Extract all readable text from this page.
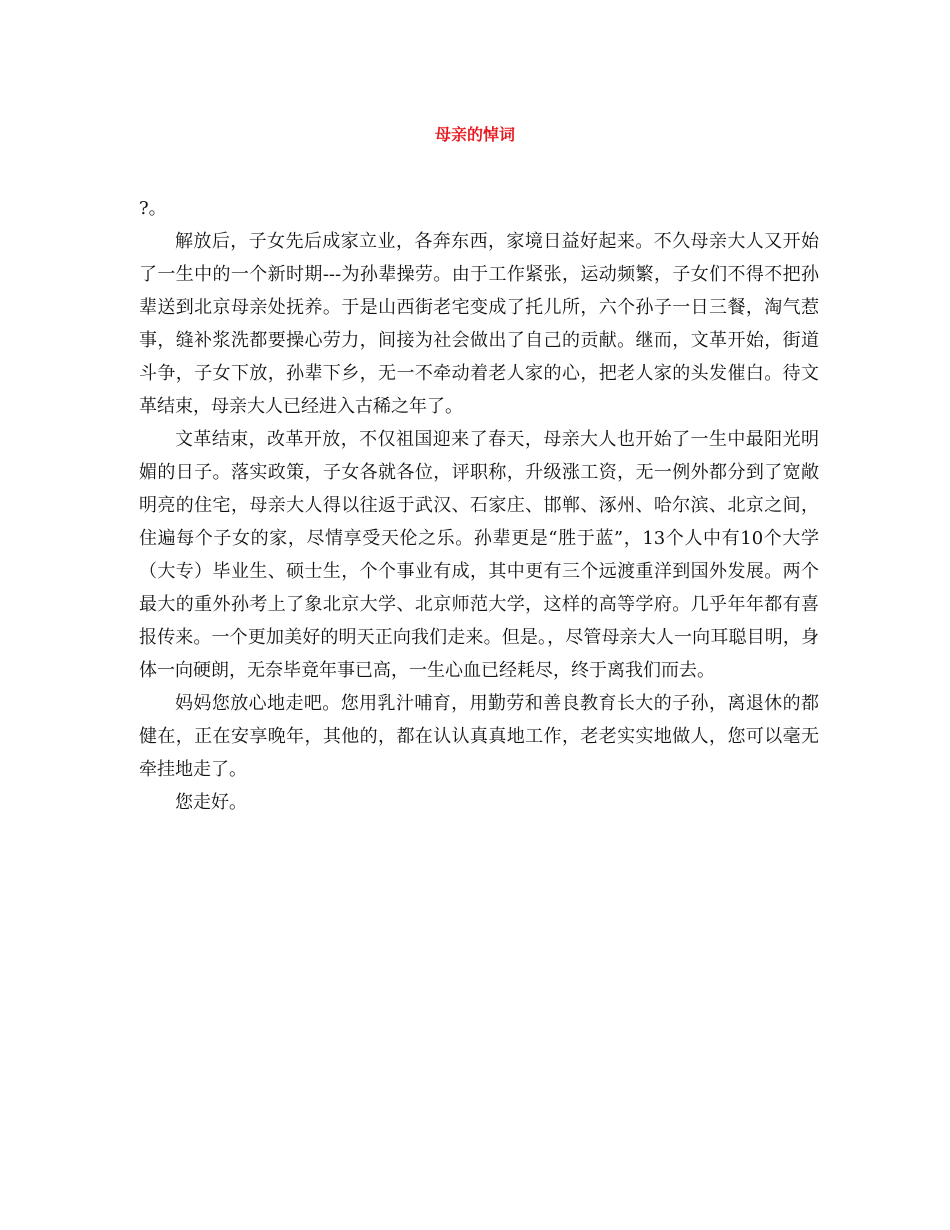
母亲的悼词

?。

解放后，子女先后成家立业，各奔东西，家境日益好起来。不久母亲大人又开始了一生中的一个新时期---为孙辈操劳。由于工作紧张，运动频繁，子女们不得不把孙辈送到北京母亲处抚养。于是山西街老宅变成了托儿所，六个孙子一日三餐，淘气惹事，缝补浆洗都要操心劳力，间接为社会做出了自己的贡献。继而，文革开始，街道斗争，子女下放，孙辈下乡，无一不牵动着老人家的心，把老人家的头发催白。待文革结束，母亲大人已经进入古稀之年了。

文革结束，改革开放，不仅祖国迎来了春天，母亲大人也开始了一生中最阳光明媚的日子。落实政策，子女各就各位，评职称，升级涨工资，无一例外都分到了宽敞明亮的住宅，母亲大人得以往返于武汉、石家庄、邯郸、涿州、哈尔滨、北京之间，住遍每个子女的家，尽情享受天伦之乐。孙辈更是“胜于蓝”，13个人中有10个大学（大专）毕业生、硕士生，个个事业有成，其中更有三个远渡重洋到国外发展。两个最大的重外孙考上了象北京大学、北京师范大学，这样的高等学府。几乎年年都有喜报传来。一个更加美好的明天正向我们走来。但是。，尽管母亲大人一向耳聪目明，身体一向硬朗，无奈毕竟年事已高，一生心血已经耗尽，终于离我们而去。

妈妈您放心地走吧。您用乳汁哺育，用勤劳和善良教育长大的子孙，离退休的都健在，正在安享晚年，其他的，都在认认真真地工作，老老实实地做人，您可以毫无牵挂地走了。

您走好。
